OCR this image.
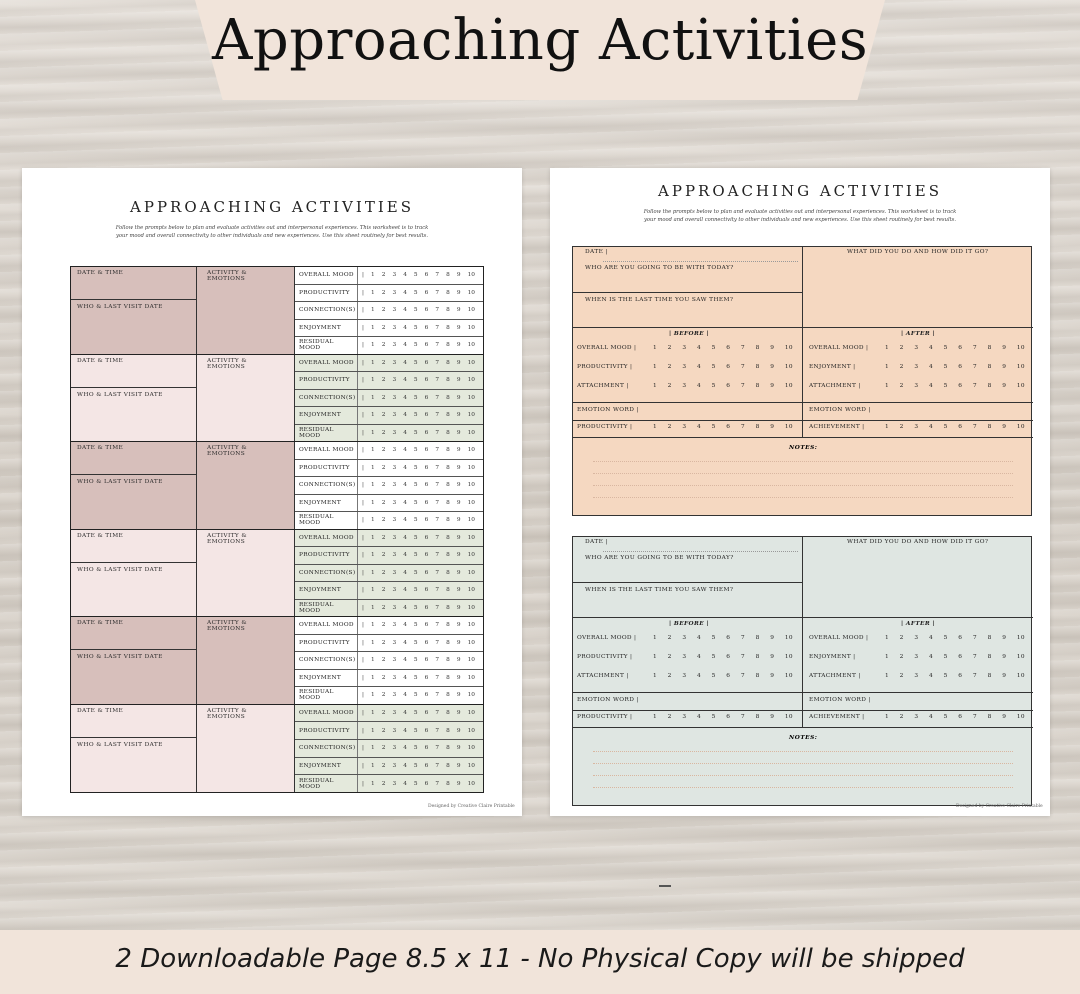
Approaching Activities
APPROACHING ACTIVITIES
Follow the prompts below to plan and evaluate activities out and interpersonal experiences. This worksheet is to track
your mood and overall connectivity to other individuals and new experiences. Use this sheet routinely for best results.
DATE & TIME
WHO & LAST VISIT DATE
ACTIVITY & EMOTIONS
OVERALL MOOD	| 1 2 3 4 5 6 7 8 9 10
PRODUCTIVITY	| 1 2 3 4 5 6 7 8 9 10
CONNECTION(S) | 1 2 3 4 5 6 7 8 9 10
ENJOYMENT	| 1 2 3 4 5 6 7 8 9 10
RESIDUAL MOOD	| 1 2 3 4 5 6 7 8 9 10
DATE & TIME
WHO & LAST VISIT DATE
ACTIVITY & EMOTIONS
OVERALL MOOD	| 1 2 3 4 5 6 7 8 9 10
PRODUCTIVITY	| 1 2 3 4 5 6 7 8 9 10
CONNECTION(S) | 1 2 3 4 5 6 7 8 9 10
ENJOYMENT	| 1 2 3 4 5 6 7 8 9 10
RESIDUAL MOOD	| 1 2 3 4 5 6 7 8 9 10
DATE & TIME
WHO & LAST VISIT DATE
ACTIVITY & EMOTIONS
OVERALL MOOD	| 1 2 3 4 5 6 7 8 9 10
PRODUCTIVITY	| 1 2 3 4 5 6 7 8 9 10
CONNECTION(S) | 1 2 3 4 5 6 7 8 9 10
ENJOYMENT	| 1 2 3 4 5 6 7 8 9 10
RESIDUAL MOOD	| 1 2 3 4 5 6 7 8 9 10
DATE & TIME
WHO & LAST VISIT DATE
ACTIVITY & EMOTIONS
OVERALL MOOD	| 1 2 3 4 5 6 7 8 9 10
PRODUCTIVITY	| 1 2 3 4 5 6 7 8 9 10
CONNECTION(S) | 1 2 3 4 5 6 7 8 9 10
ENJOYMENT	| 1 2 3 4 5 6 7 8 9 10
RESIDUAL MOOD	| 1 2 3 4 5 6 7 8 9 10
DATE & TIME
WHO & LAST VISIT DATE
ACTIVITY & EMOTIONS
OVERALL MOOD	| 1 2 3 4 5 6 7 8 9 10
PRODUCTIVITY	| 1 2 3 4 5 6 7 8 9 10
CONNECTION(S) | 1 2 3 4 5 6 7 8 9 10
ENJOYMENT	| 1 2 3 4 5 6 7 8 9 10
RESIDUAL MOOD	| 1 2 3 4 5 6 7 8 9 10
DATE & TIME
WHO & LAST VISIT DATE
ACTIVITY & EMOTIONS
OVERALL MOOD	| 1 2 3 4 5 6 7 8 9 10
PRODUCTIVITY	| 1 2 3 4 5 6 7 8 9 10
CONNECTION(S) | 1 2 3 4 5 6 7 8 9 10
ENJOYMENT	| 1 2 3 4 5 6 7 8 9 10
RESIDUAL MOOD	| 1 2 3 4 5 6 7 8 9 10
Designed by Creative Claire Printable
APPROACHING ACTIVITIES
Follow the prompts below to plan and evaluate activities out and interpersonal experiences. This worksheet is to track
your mood and overall connectivity to other individuals and new experiences. Use this sheet routinely for best results.
DATE |
WHO ARE YOU GOING TO BE WITH TODAY?
WHEN IS THE LAST TIME YOU SAW THEM?
WHAT DID YOU DO AND HOW DID IT GO?
| BEFORE |	| AFTER |
OVERALL MOOD |	1 2 3 4 5 6 7 8 9 10	OVERALL MOOD |	1 2 3 4 5 6 7 8 9 10
PRODUCTIVITY |	1 2 3 4 5 6 7 8 9 10	ENJOYMENT |	1 2 3 4 5 6 7 8 9 10
ATTACHMENT |	1 2 3 4 5 6 7 8 9 10	ATTACHMENT |	1 2 3 4 5 6 7 8 9 10
EMOTION WORD |	EMOTION WORD |
PRODUCTIVITY |	1 2 3 4 5 6 7 8 9 10	ACHIEVEMENT |	1 2 3 4 5 6 7 8 9 10
NOTES:
DATE |
WHO ARE YOU GOING TO BE WITH TODAY?
WHEN IS THE LAST TIME YOU SAW THEM?
WHAT DID YOU DO AND HOW DID IT GO?
| BEFORE |	| AFTER |
OVERALL MOOD |	1 2 3 4 5 6 7 8 9 10	OVERALL MOOD |	1 2 3 4 5 6 7 8 9 10
PRODUCTIVITY |	1 2 3 4 5 6 7 8 9 10	ENJOYMENT |	1 2 3 4 5 6 7 8 9 10
ATTACHMENT |	1 2 3 4 5 6 7 8 9 10	ATTACHMENT |	1 2 3 4 5 6 7 8 9 10
EMOTION WORD |	EMOTION WORD |
PRODUCTIVITY |	1 2 3 4 5 6 7 8 9 10	ACHIEVEMENT |	1 2 3 4 5 6 7 8 9 10
NOTES:
Designed by Creative Claire Printable
2 Downloadable Page 8.5 x 11 - No Physical Copy will be shipped
